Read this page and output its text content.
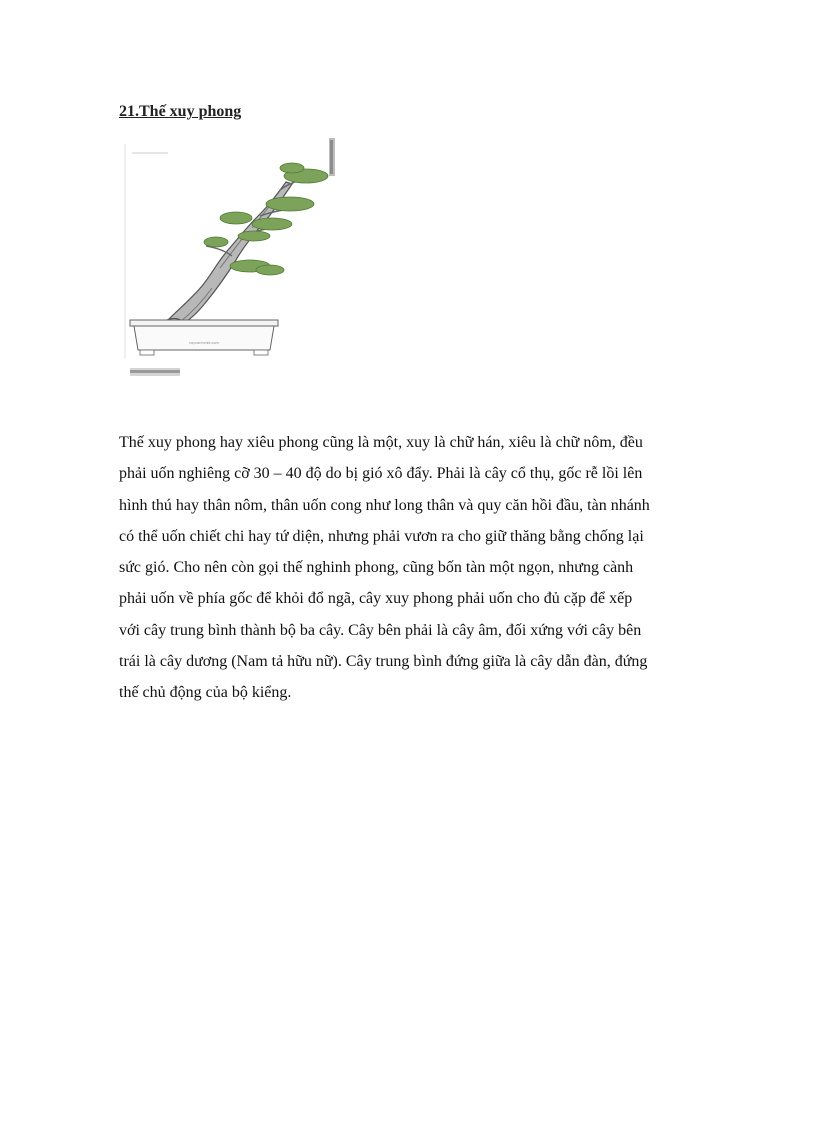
21.Thế xuy phong
caycanhviet.com
Thế xuy phong hay xiêu phong cũng là một, xuy là chữ hán, xiêu là chữ nôm, đều
phải uốn nghiêng cỡ 30 – 40 độ do bị gió xô đẩy. Phải là cây cổ thụ, gốc rễ lồi lên
hình thú hay thân nôm, thân uốn cong như long thân và quy căn hồi đầu, tàn nhánh
có thể uốn chiết chi hay tứ diện, nhưng phải vươn ra cho giữ thăng bằng chống lại
sức gió. Cho nên còn gọi thế nghinh phong, cũng bốn tàn một ngọn, nhưng cành
phải uốn về phía gốc để khỏi đổ ngã, cây xuy phong phải uốn cho đủ cặp để xếp
với cây trung bình thành bộ ba cây. Cây bên phải là cây âm, đối xứng với cây bên
trái là cây dương (Nam tả hữu nữ). Cây trung bình đứng giữa là cây dẫn đàn, đứng
thế chủ động của bộ kiểng.
